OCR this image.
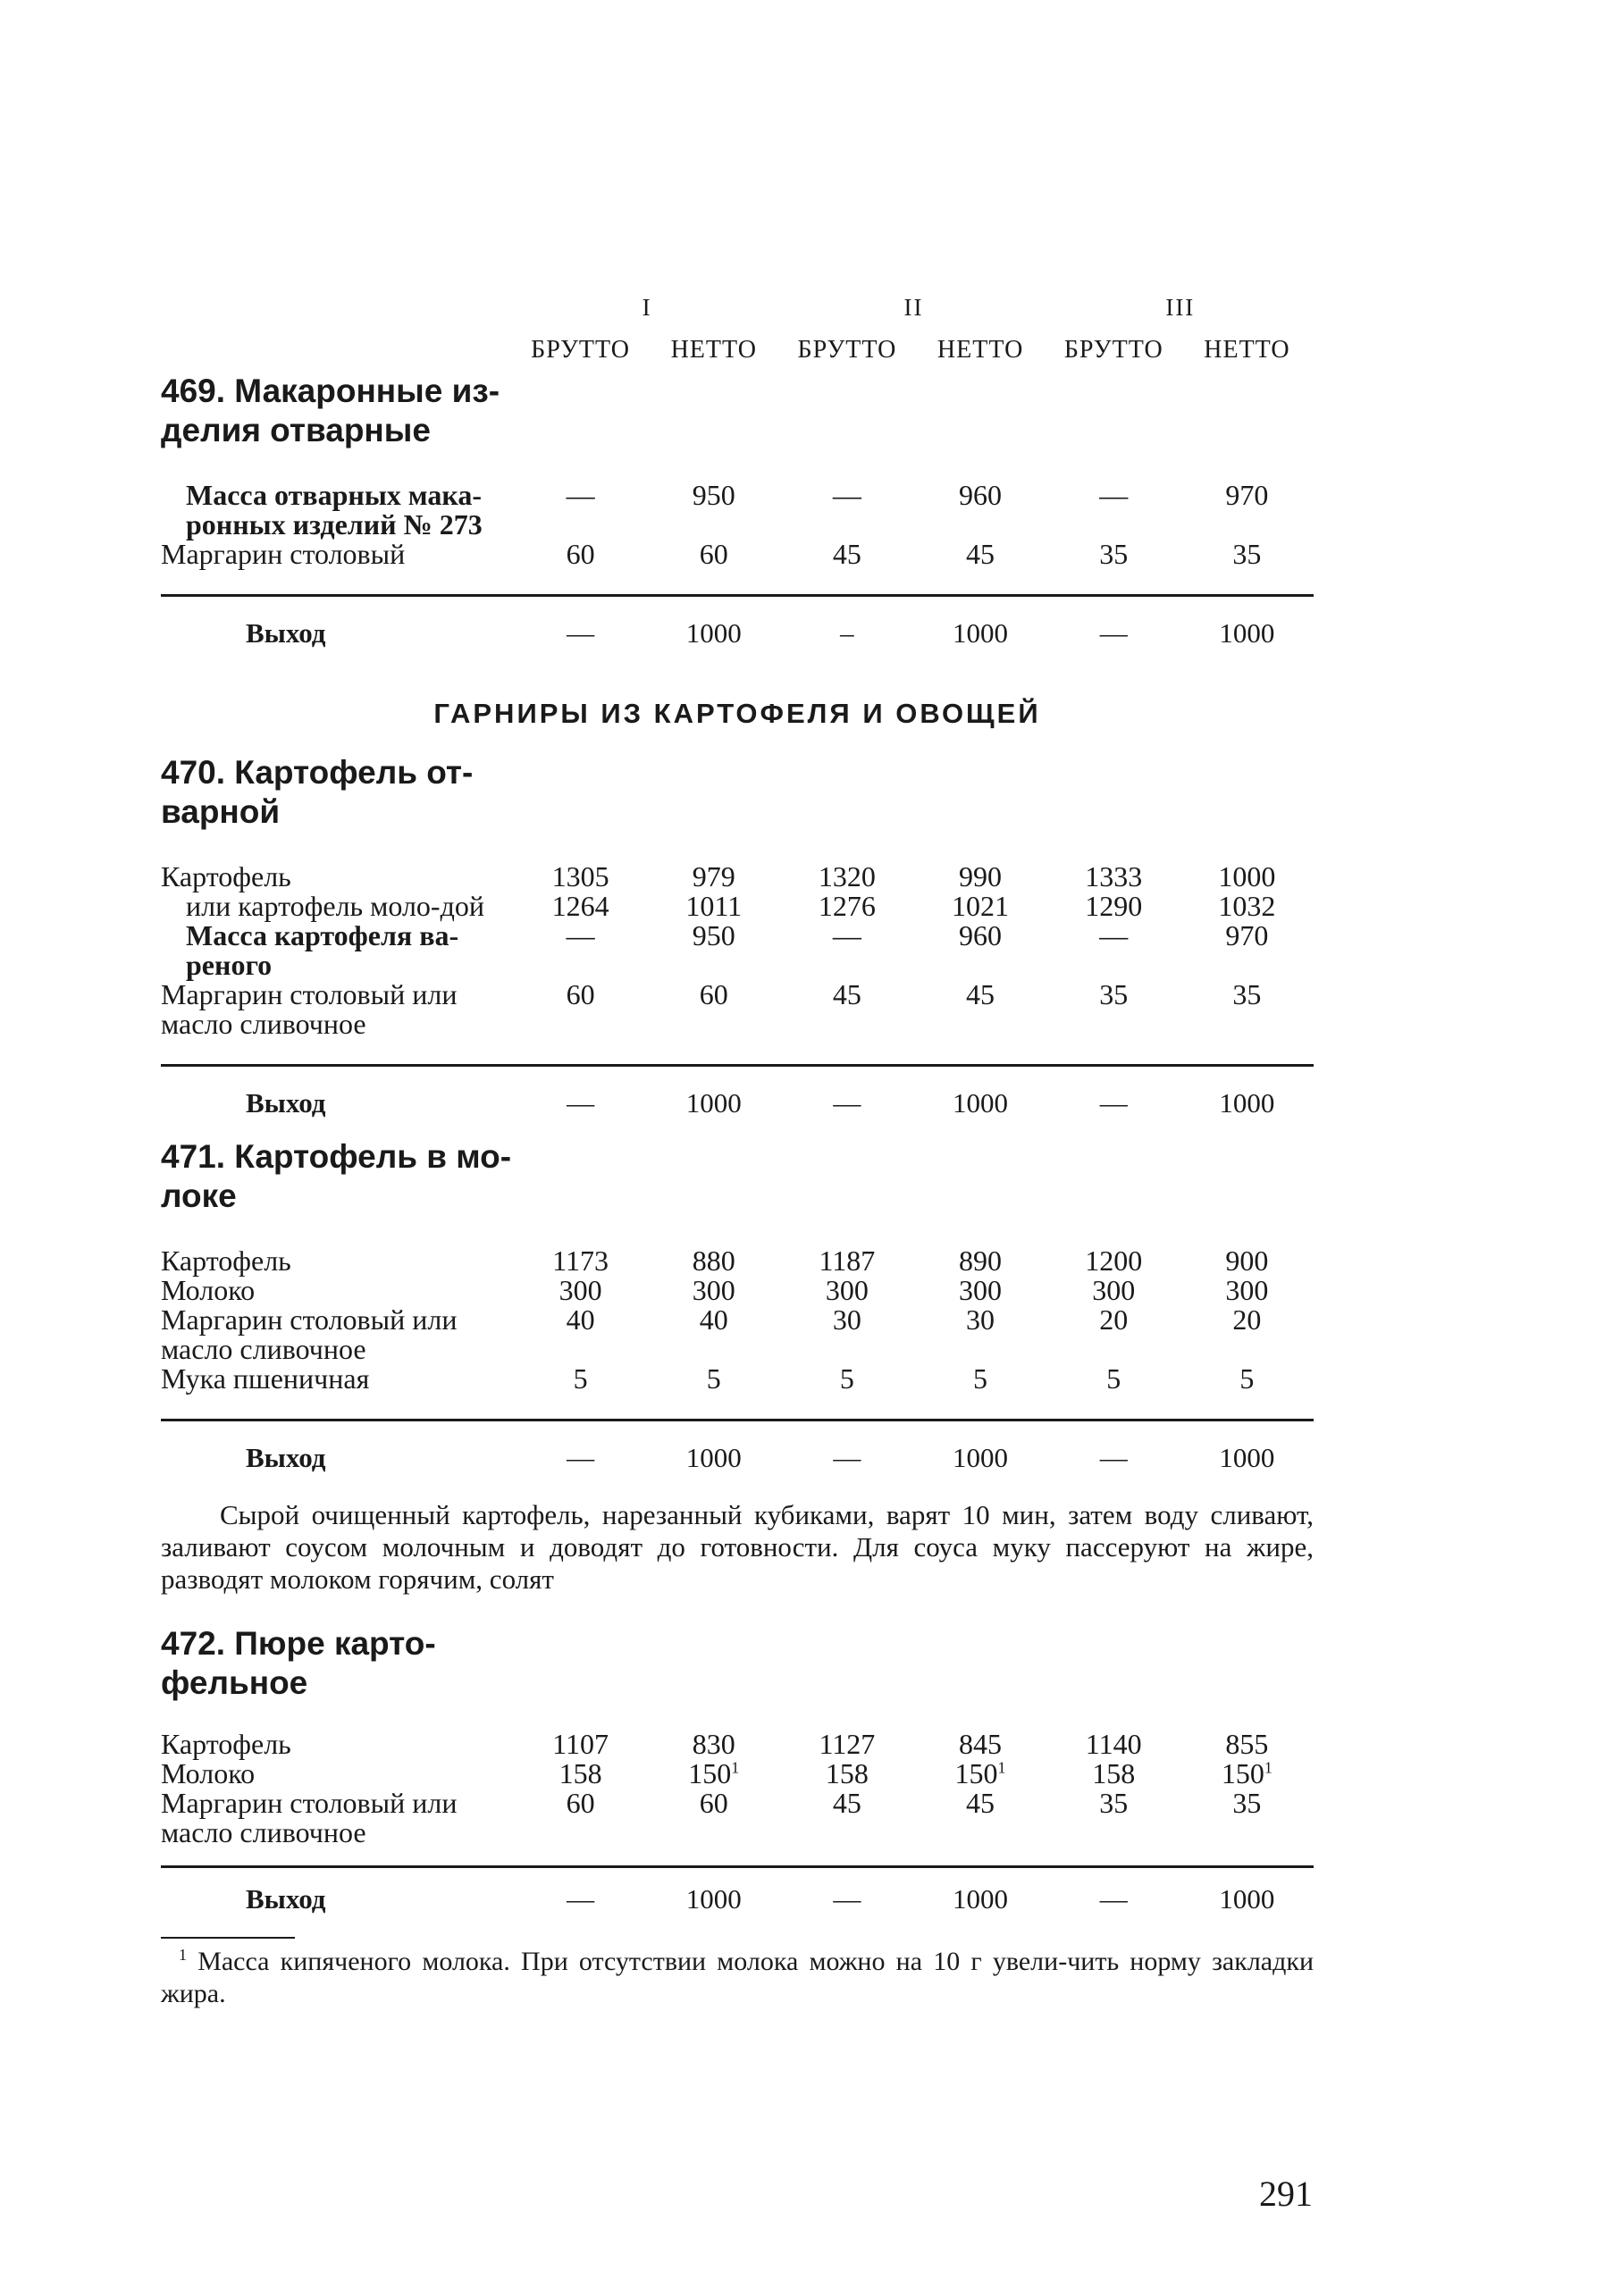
I	II	III
БРУТТО	НЕТТО	БРУТТО	НЕТТО	БРУТТО	НЕТТО
469. Макаронные из-делия отварные
Масса отварных мака-ронных изделий № 273	—	950	—	960	—	970
Маргарин столовый	60	60	45	45	35	35
Выход	—	1000	–	1000	—	1000
ГАРНИРЫ ИЗ КАРТОФЕЛЯ И ОВОЩЕЙ
470. Картофель от-варной
Картофель	1305	979	1320	990	1333	1000
или картофель моло-дой	1264	1011	1276	1021	1290	1032
Масса картофеля ва-реного	—	950	—	960	—	970
Маргарин столовый или масло сливочное	60	60	45	45	35	35
Выход	—	1000	—	1000	—	1000
471. Картофель в мо-локе
Картофель	1173	880	1187	890	1200	900
Молоко	300	300	300	300	300	300
Маргарин столовый или масло сливочное	40	40	30	30	20	20
Мука пшеничная	5	5	5	5	5	5
Выход	—	1000	—	1000	—	1000

Сырой очищенный картофель, нарезанный кубиками, варят 10 мин, затем воду сливают, заливают соусом молочным и доводят до готовности. Для соуса муку пассеруют на жире, разводят молоком горячим, солят

472. Пюре карто-фельное
Картофель	1107	830	1127	845	1140	855
Молоко	158	$150^1$	158	$150^1$	158	$150^1$
Маргарин столовый или масло сливочное	60	60	45	45	35	35
Выход	—	1000	—	1000	—	1000

$^1$ Масса кипяченого молока. При отсутствии молока можно на 10 г увели-чить норму закладки жира.

291
